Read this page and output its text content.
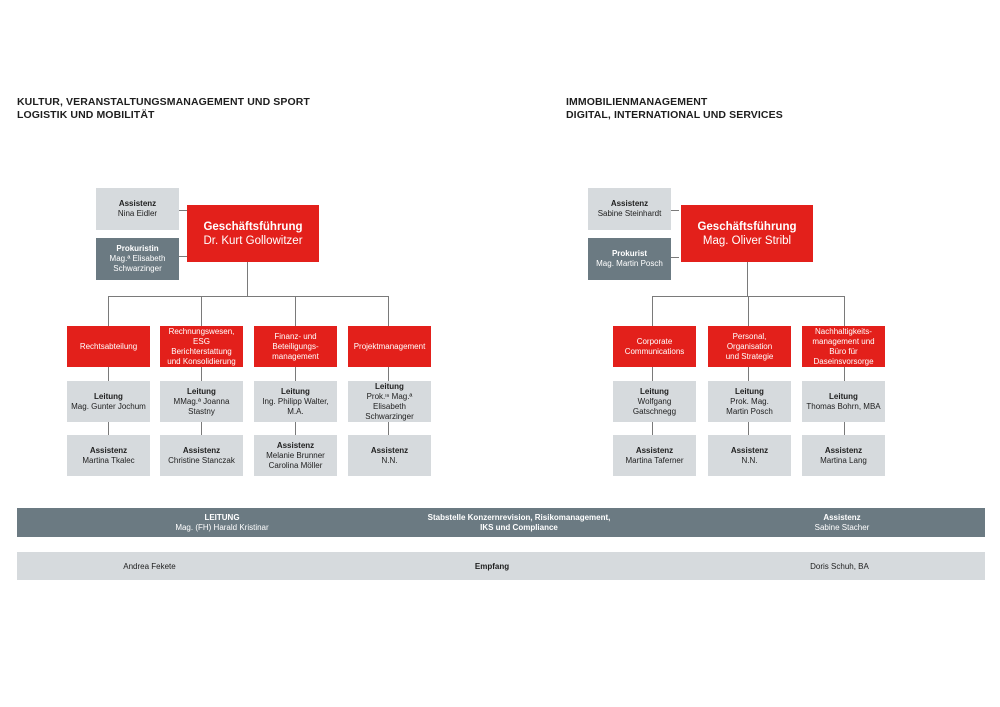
KULTUR, VERANSTALTUNGSMANAGEMENT UND SPORT
LOGISTIK UND MOBILITÄT
Assistenz
Nina Eidler
Prokuristin
Mag.ª Elisabeth
Schwarzinger
Geschäftsführung
Dr. Kurt Gollowitzer
Rechtsabteilung
Rechnungswesen,
ESG Berichterstattung
und Konsolidierung
Finanz- und
Beteiligungs-
management
Projektmanagement
Leitung
Mag. Gunter Jochum
Leitung
MMag.ª Joanna
Stastny
Leitung
Ing. Philipp Walter,
M.A.
Leitung
Prok.ᶦⁿ Mag.ª
Elisabeth
Schwarzinger
Assistenz
Martina Tkalec
Assistenz
Christine Stanczak
Assistenz
Melanie Brunner
Carolina Möller
Assistenz
N.N.
IMMOBILIENMANAGEMENT
DIGITAL, INTERNATIONAL UND SERVICES
Assistenz
Sabine Steinhardt
Prokurist
Mag. Martin Posch
Geschäftsführung
Mag. Oliver Stribl
Corporate
Communications
Personal,
Organisation
und Strategie
Nachhaltigkeits-
management und
Büro für
Daseinsvorsorge
Leitung
Wolfgang
Gatschnegg
Leitung
Prok. Mag.
Martin Posch
Leitung
Thomas Bohrn, MBA
Assistenz
Martina Taferner
Assistenz
N.N.
Assistenz
Martina Lang
LEITUNG
Mag. (FH) Harald Kristinar
Stabstelle Konzernrevision, Risikomanagement,
IKS und Compliance
Assistenz
Sabine Stacher
Andrea Fekete	Empfang	Doris Schuh, BA
